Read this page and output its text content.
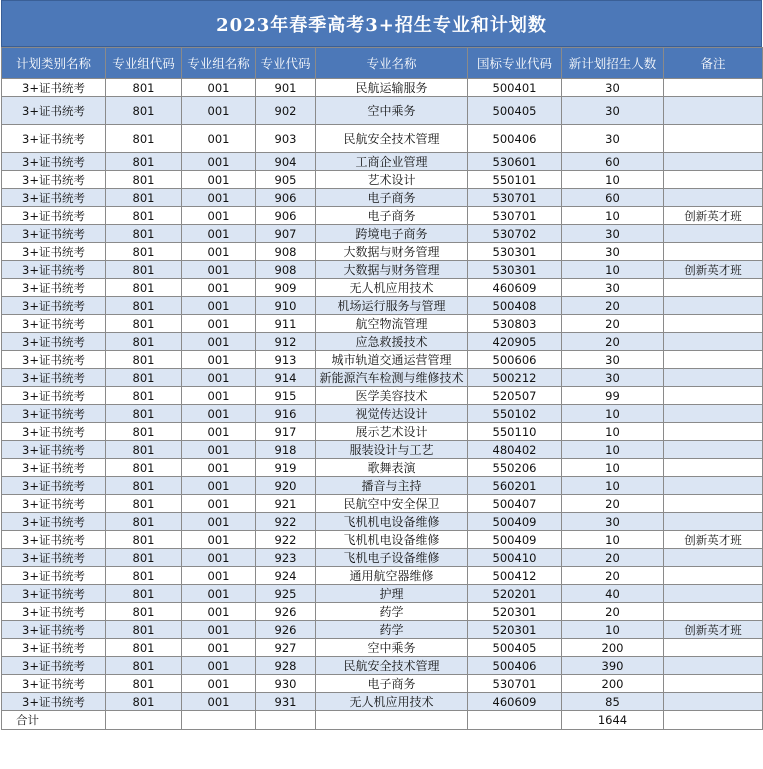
2023年春季高考3+招生专业和计划数
计划类别名称	专业组代码	专业组名称	专业代码	专业名称	国标专业代码	新计划招生人数	备注
3+证书统考	801	001	901	民航运输服务	500401	30	
3+证书统考	801	001	902	空中乘务	500405	30	
3+证书统考	801	001	903	民航安全技术管理	500406	30	
3+证书统考	801	001	904	工商企业管理	530601	60	
3+证书统考	801	001	905	艺术设计	550101	10	
3+证书统考	801	001	906	电子商务	530701	60	
3+证书统考	801	001	906	电子商务	530701	10	创新英才班
3+证书统考	801	001	907	跨境电子商务	530702	30	
3+证书统考	801	001	908	大数据与财务管理	530301	30	
3+证书统考	801	001	908	大数据与财务管理	530301	10	创新英才班
3+证书统考	801	001	909	无人机应用技术	460609	30	
3+证书统考	801	001	910	机场运行服务与管理	500408	20	
3+证书统考	801	001	911	航空物流管理	530803	20	
3+证书统考	801	001	912	应急救援技术	420905	20	
3+证书统考	801	001	913	城市轨道交通运营管理	500606	30	
3+证书统考	801	001	914	新能源汽车检测与维修技术	500212	30	
3+证书统考	801	001	915	医学美容技术	520507	99	
3+证书统考	801	001	916	视觉传达设计	550102	10	
3+证书统考	801	001	917	展示艺术设计	550110	10	
3+证书统考	801	001	918	服装设计与工艺	480402	10	
3+证书统考	801	001	919	歌舞表演	550206	10	
3+证书统考	801	001	920	播音与主持	560201	10	
3+证书统考	801	001	921	民航空中安全保卫	500407	20	
3+证书统考	801	001	922	飞机机电设备维修	500409	30	
3+证书统考	801	001	922	飞机机电设备维修	500409	10	创新英才班
3+证书统考	801	001	923	飞机电子设备维修	500410	20	
3+证书统考	801	001	924	通用航空器维修	500412	20	
3+证书统考	801	001	925	护理	520201	40	
3+证书统考	801	001	926	药学	520301	20	
3+证书统考	801	001	926	药学	520301	10	创新英才班
3+证书统考	801	001	927	空中乘务	500405	200	
3+证书统考	801	001	928	民航安全技术管理	500406	390	
3+证书统考	801	001	930	电子商务	530701	200	
3+证书统考	801	001	931	无人机应用技术	460609	85	
合计						1644	
